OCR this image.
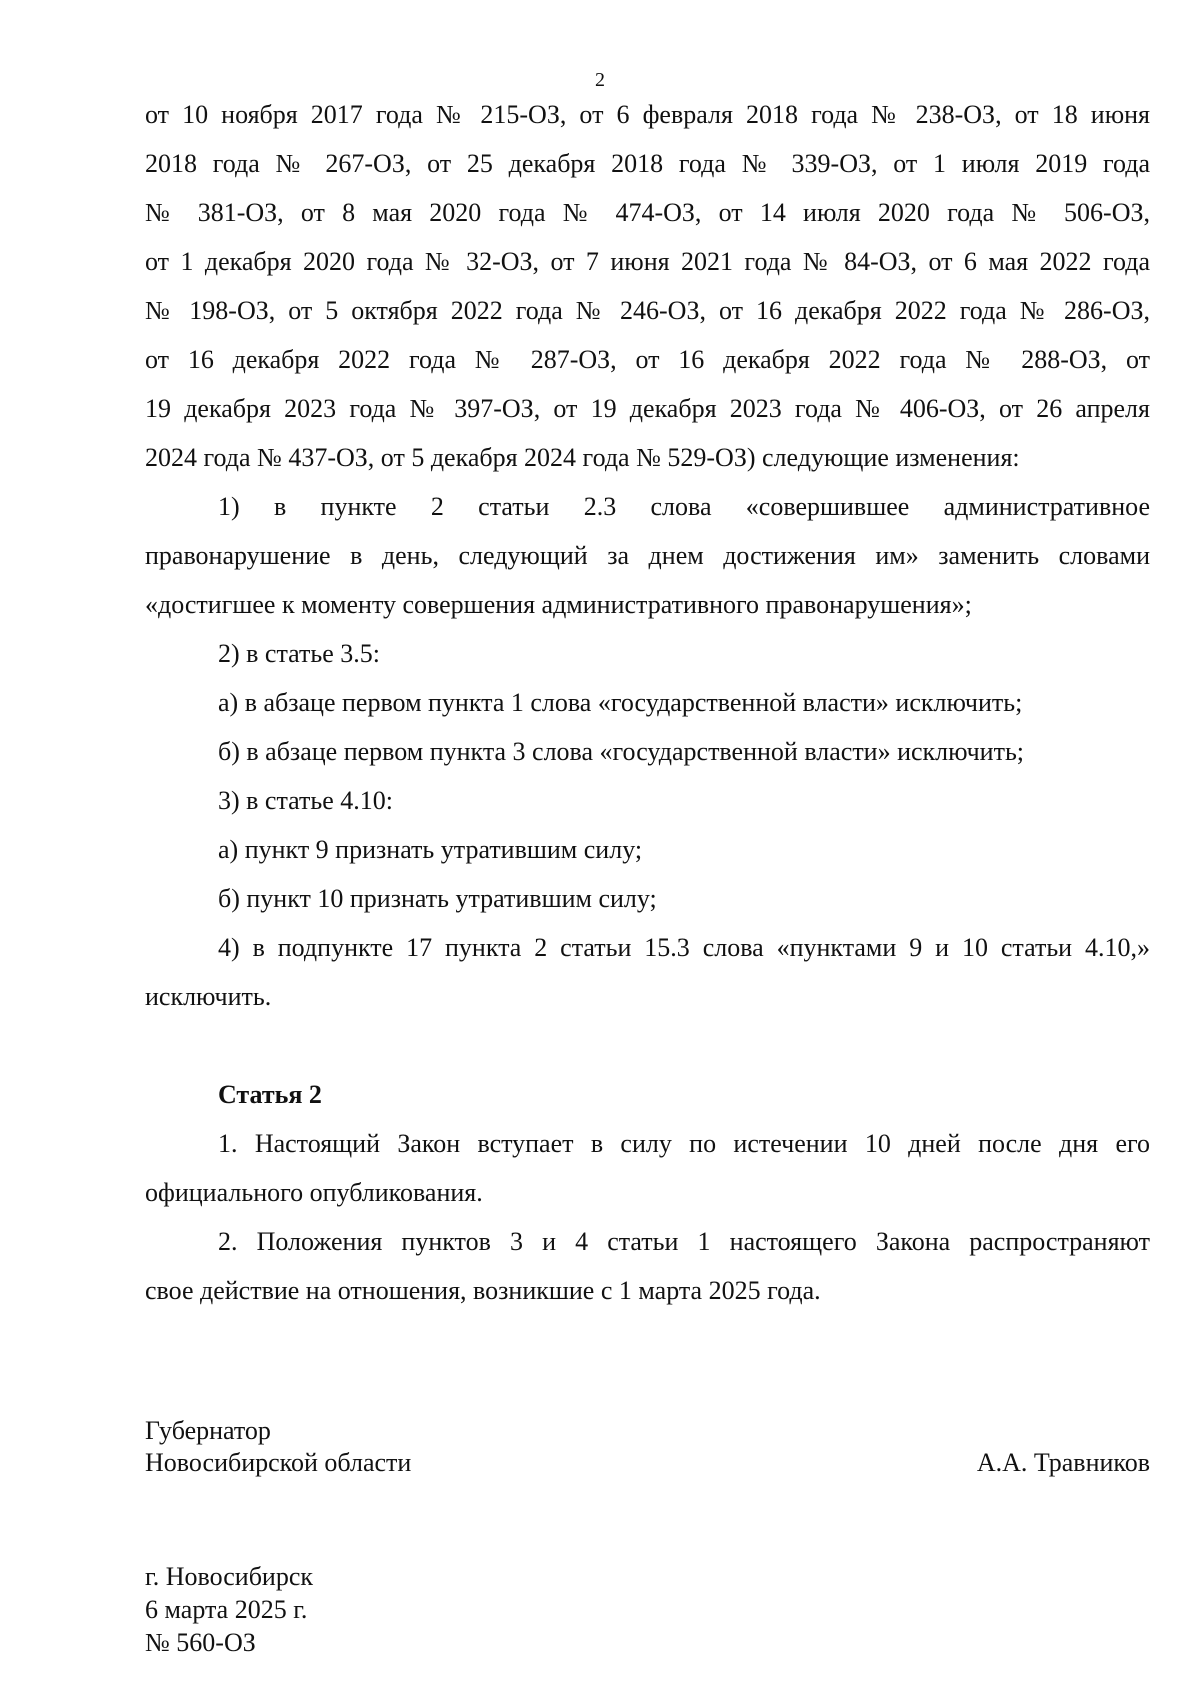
2

от 10 ноября 2017 года № 215-ОЗ, от 6 февраля 2018 года № 238-ОЗ, от 18 июня

2018 года № 267-ОЗ, от 25 декабря 2018 года № 339-ОЗ, от 1 июля 2019 года

№ 381-ОЗ, от 8 мая 2020 года № 474-ОЗ, от 14 июля 2020 года № 506-ОЗ,

от 1 декабря 2020 года № 32-ОЗ, от 7 июня 2021 года № 84-ОЗ, от 6 мая 2022 года

№ 198-ОЗ, от 5 октября 2022 года № 246-ОЗ, от 16 декабря 2022 года № 286-ОЗ,

от 16 декабря 2022 года № 287-ОЗ, от 16 декабря 2022 года № 288-ОЗ, от

19 декабря 2023 года № 397-ОЗ, от 19 декабря 2023 года № 406-ОЗ, от 26 апреля

2024 года № 437-ОЗ, от 5 декабря 2024 года № 529-ОЗ) следующие изменения:

1) в пункте 2 статьи 2.3 слова «совершившее административное

правонарушение в день, следующий за днем достижения им» заменить словами

«достигшее к моменту совершения административного правонарушения»;

2) в статье 3.5:

а) в абзаце первом пункта 1 слова «государственной власти» исключить;

б) в абзаце первом пункта 3 слова «государственной власти» исключить;

3) в статье 4.10:

а) пункт 9 признать утратившим силу;

б) пункт 10 признать утратившим силу;

4) в подпункте 17 пункта 2 статьи 15.3 слова «пунктами 9 и 10 статьи 4.10,»

исключить.

Статья 2

1. Настоящий Закон вступает в силу по истечении 10 дней после дня его

официального опубликования.

2. Положения пунктов 3 и 4 статьи 1 настоящего Закона распространяют

свое действие на отношения, возникшие с 1 марта 2025 года.

Губернатор
Новосибирской области	А.А. Травников
г. Новосибирск
6 марта 2025 г.
№ 560-ОЗ
